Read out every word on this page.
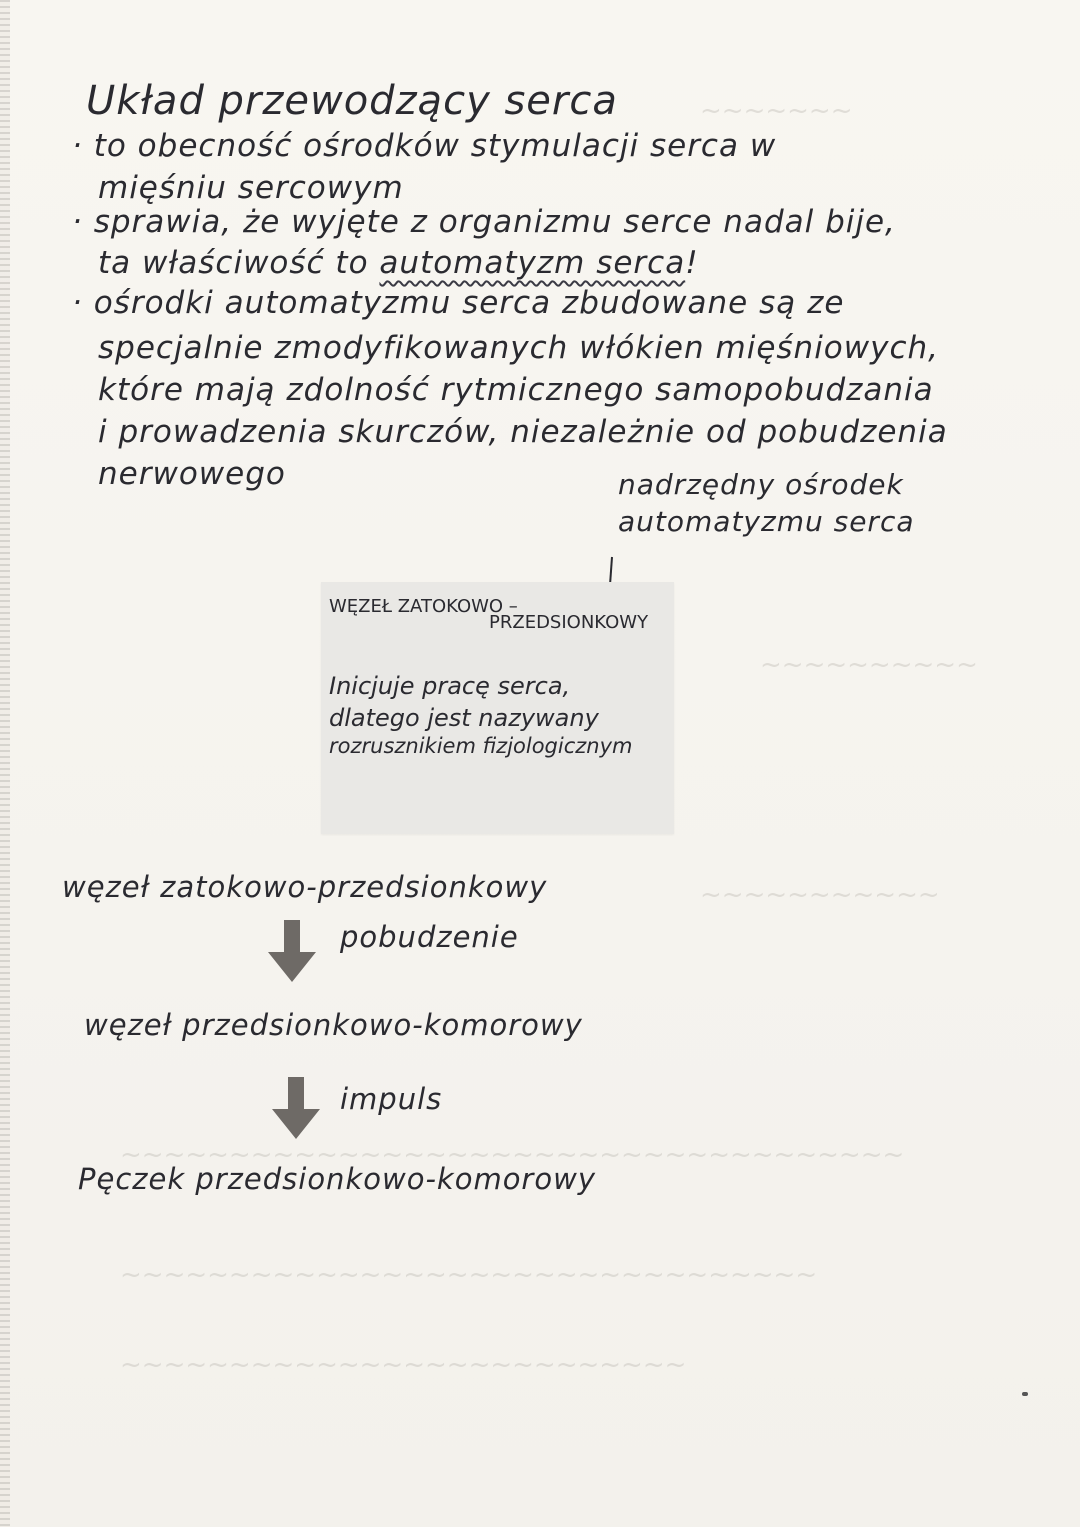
~~~~~~~
~~~~~~~~~~
~~~~~~~~~~~
~~~~~~~~~~~~~~~~~~~~~~~~~~~~~~~~~~~~
~~~~~~~~~~~~~~~~~~~~~~~~~~~~~~~~
~~~~~~~~~~~~~~~~~~~~~~~~~~
Układ przewodzący serca
· to obecność ośrodków stymulacji serca w
mięśniu sercowym
· sprawia, że wyjęte z organizmu serce nadal bije,
ta właściwość to automatyzm serca!
· ośrodki automatyzmu serca zbudowane są ze
specjalnie zmodyfikowanych włókien mięśniowych,
które mają zdolność rytmicznego samopobudzania
i prowadzenia skurczów, niezależnie od pobudzenia
nerwowego	nadrzędny ośrodek
automatyzmu serca
WĘZEŁ ZATOKOWO –
PRZEDSIONKOWY
Inicjuje pracę serca,
dlatego jest nazywany
rozrusznikiem fizjologicznym
węzeł zatokowo-przedsionkowy
pobudzenie
węzeł przedsionkowo-komorowy
impuls
Pęczek przedsionkowo-komorowy
